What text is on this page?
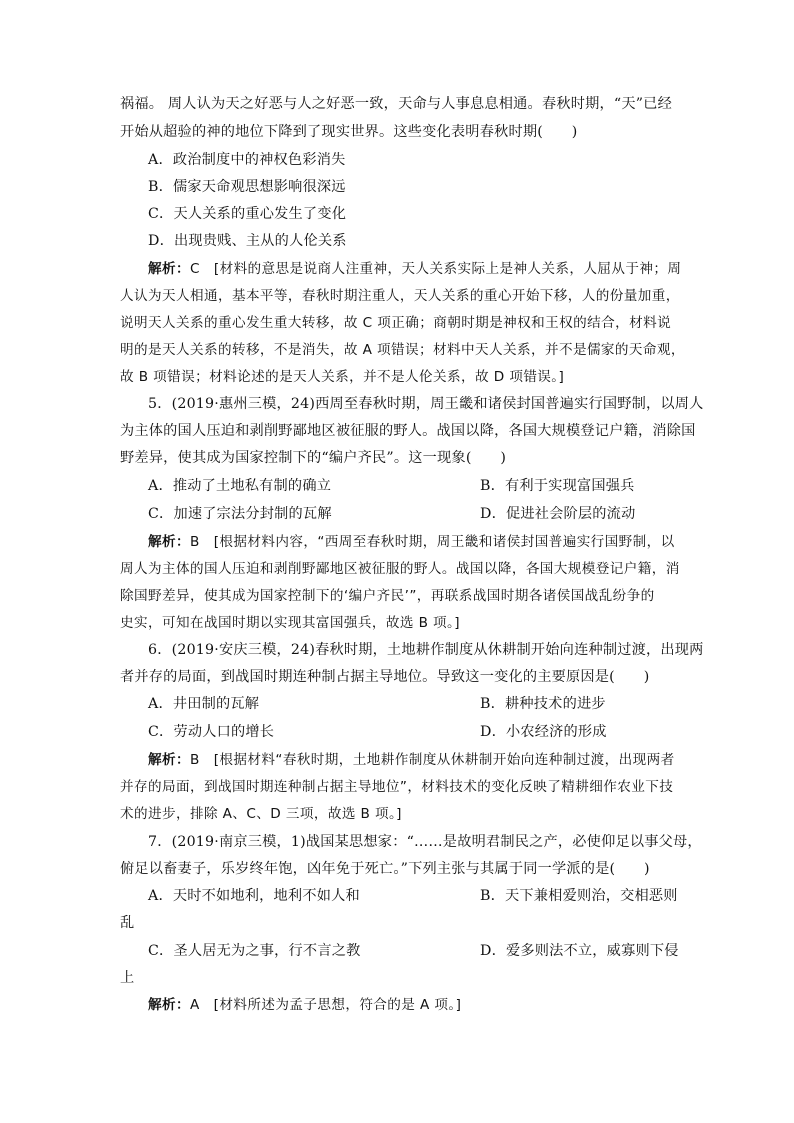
祸福。 周人认为天之好恶与人之好恶一致，天命与人事息息相通。春秋时期，“天”已经
开始从超验的神的地位下降到了现实世界。这些变化表明春秋时期(　　)
A．政治制度中的神权色彩消失
B．儒家天命观思想影响很深远
C．天人关系的重心发生了变化
D．出现贵贱、主从的人伦关系
解析：C　[材料的意思是说商人注重神，天人关系实际上是神人关系，人屈从于神；周
人认为天人相通，基本平等，春秋时期注重人，天人关系的重心开始下移，人的份量加重，
说明天人关系的重心发生重大转移，故 C 项正确；商朝时期是神权和王权的结合，材料说
明的是天人关系的转移，不是消失，故 A 项错误；材料中天人关系，并不是儒家的天命观，
故 B 项错误；材料论述的是天人关系，并不是人伦关系，故 D 项错误。]
5．(2019·惠州三模，24)西周至春秋时期，周王畿和诸侯封国普遍实行国野制，以周人
为主体的国人压迫和剥削野鄙地区被征服的野人。战国以降，各国大规模登记户籍，消除国
野差异，使其成为国家控制下的“编户齐民”。这一现象(　　)
A．推动了土地私有制的确立	B．有利于实现富国强兵
C．加速了宗法分封制的瓦解	D．促进社会阶层的流动
解析：B　[根据材料内容，“西周至春秋时期，周王畿和诸侯封国普遍实行国野制，以
周人为主体的国人压迫和剥削野鄙地区被征服的野人。战国以降，各国大规模登记户籍，消
除国野差异，使其成为国家控制下的‘编户齐民’”，再联系战国时期各诸侯国战乱纷争的
史实，可知在战国时期以实现其富国强兵，故选 B 项。]
6．(2019·安庆三模，24)春秋时期，土地耕作制度从休耕制开始向连种制过渡，出现两
者并存的局面，到战国时期连种制占据主导地位。导致这一变化的主要原因是(　　)
A．井田制的瓦解	B．耕种技术的进步
C．劳动人口的增长	D．小农经济的形成
解析：B　[根据材料“春秋时期，土地耕作制度从休耕制开始向连种制过渡，出现两者
并存的局面，到战国时期连种制占据主导地位”，材料技术的变化反映了精耕细作农业下技
术的进步，排除 A、C、D 三项，故选 B 项。]
7．(2019·南京三模，1)战国某思想家：“……是故明君制民之产，必使仰足以事父母，
俯足以畜妻子，乐岁终年饱，凶年免于死亡。”下列主张与其属于同一学派的是(　　)
A．天时不如地利，地利不如人和	B．天下兼相爱则治，交相恶则
乱
C．圣人居无为之事，行不言之教	D．爱多则法不立，威寡则下侵
上
解析：A　[材料所述为孟子思想，符合的是 A 项。]
